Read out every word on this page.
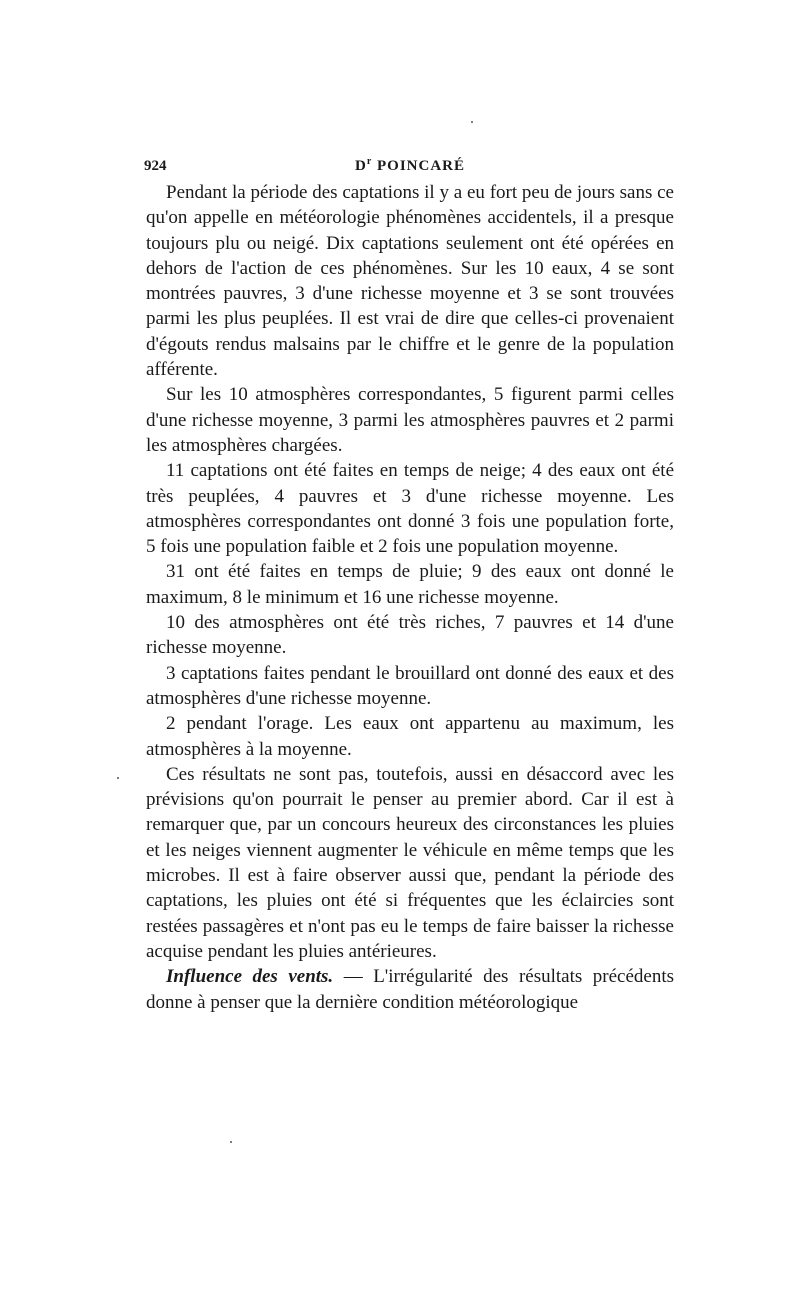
924	$D^r$ POINCARÉ

Pendant la période des captations il y a eu fort peu de jours sans ce qu'on appelle en météorologie phénomènes accidentels, il a presque toujours plu ou neigé. Dix captations seulement ont été opérées en dehors de l'action de ces phénomènes. Sur les 10 eaux, 4 se sont montrées pauvres, 3 d'une richesse moyenne et 3 se sont trouvées parmi les plus peuplées. Il est vrai de dire que celles-ci provenaient d'égouts rendus malsains par le chiffre et le genre de la population afférente.

Sur les 10 atmosphères correspondantes, 5 figurent parmi celles d'une richesse moyenne, 3 parmi les atmosphères pauvres et 2 parmi les atmosphères chargées.

11 captations ont été faites en temps de neige; 4 des eaux ont été très peuplées, 4 pauvres et 3 d'une richesse moyenne. Les atmosphères correspondantes ont donné 3 fois une population forte, 5 fois une population faible et 2 fois une population moyenne.

31 ont été faites en temps de pluie; 9 des eaux ont donné le maximum, 8 le minimum et 16 une richesse moyenne.

10 des atmosphères ont été très riches, 7 pauvres et 14 d'une richesse moyenne.

3 captations faites pendant le brouillard ont donné des eaux et des atmosphères d'une richesse moyenne.

2 pendant l'orage. Les eaux ont appartenu au maximum, les atmosphères à la moyenne.

Ces résultats ne sont pas, toutefois, aussi en désaccord avec les prévisions qu'on pourrait le penser au premier abord. Car il est à remarquer que, par un concours heureux des circonstances les pluies et les neiges viennent augmenter le véhicule en même temps que les microbes. Il est à faire observer aussi que, pendant la période des captations, les pluies ont été si fréquentes que les éclaircies sont restées passagères et n'ont pas eu le temps de faire baisser la richesse acquise pendant les pluies antérieures.

Influence des vents. — L'irrégularité des résultats précédents donne à penser que la dernière condition météorologique
